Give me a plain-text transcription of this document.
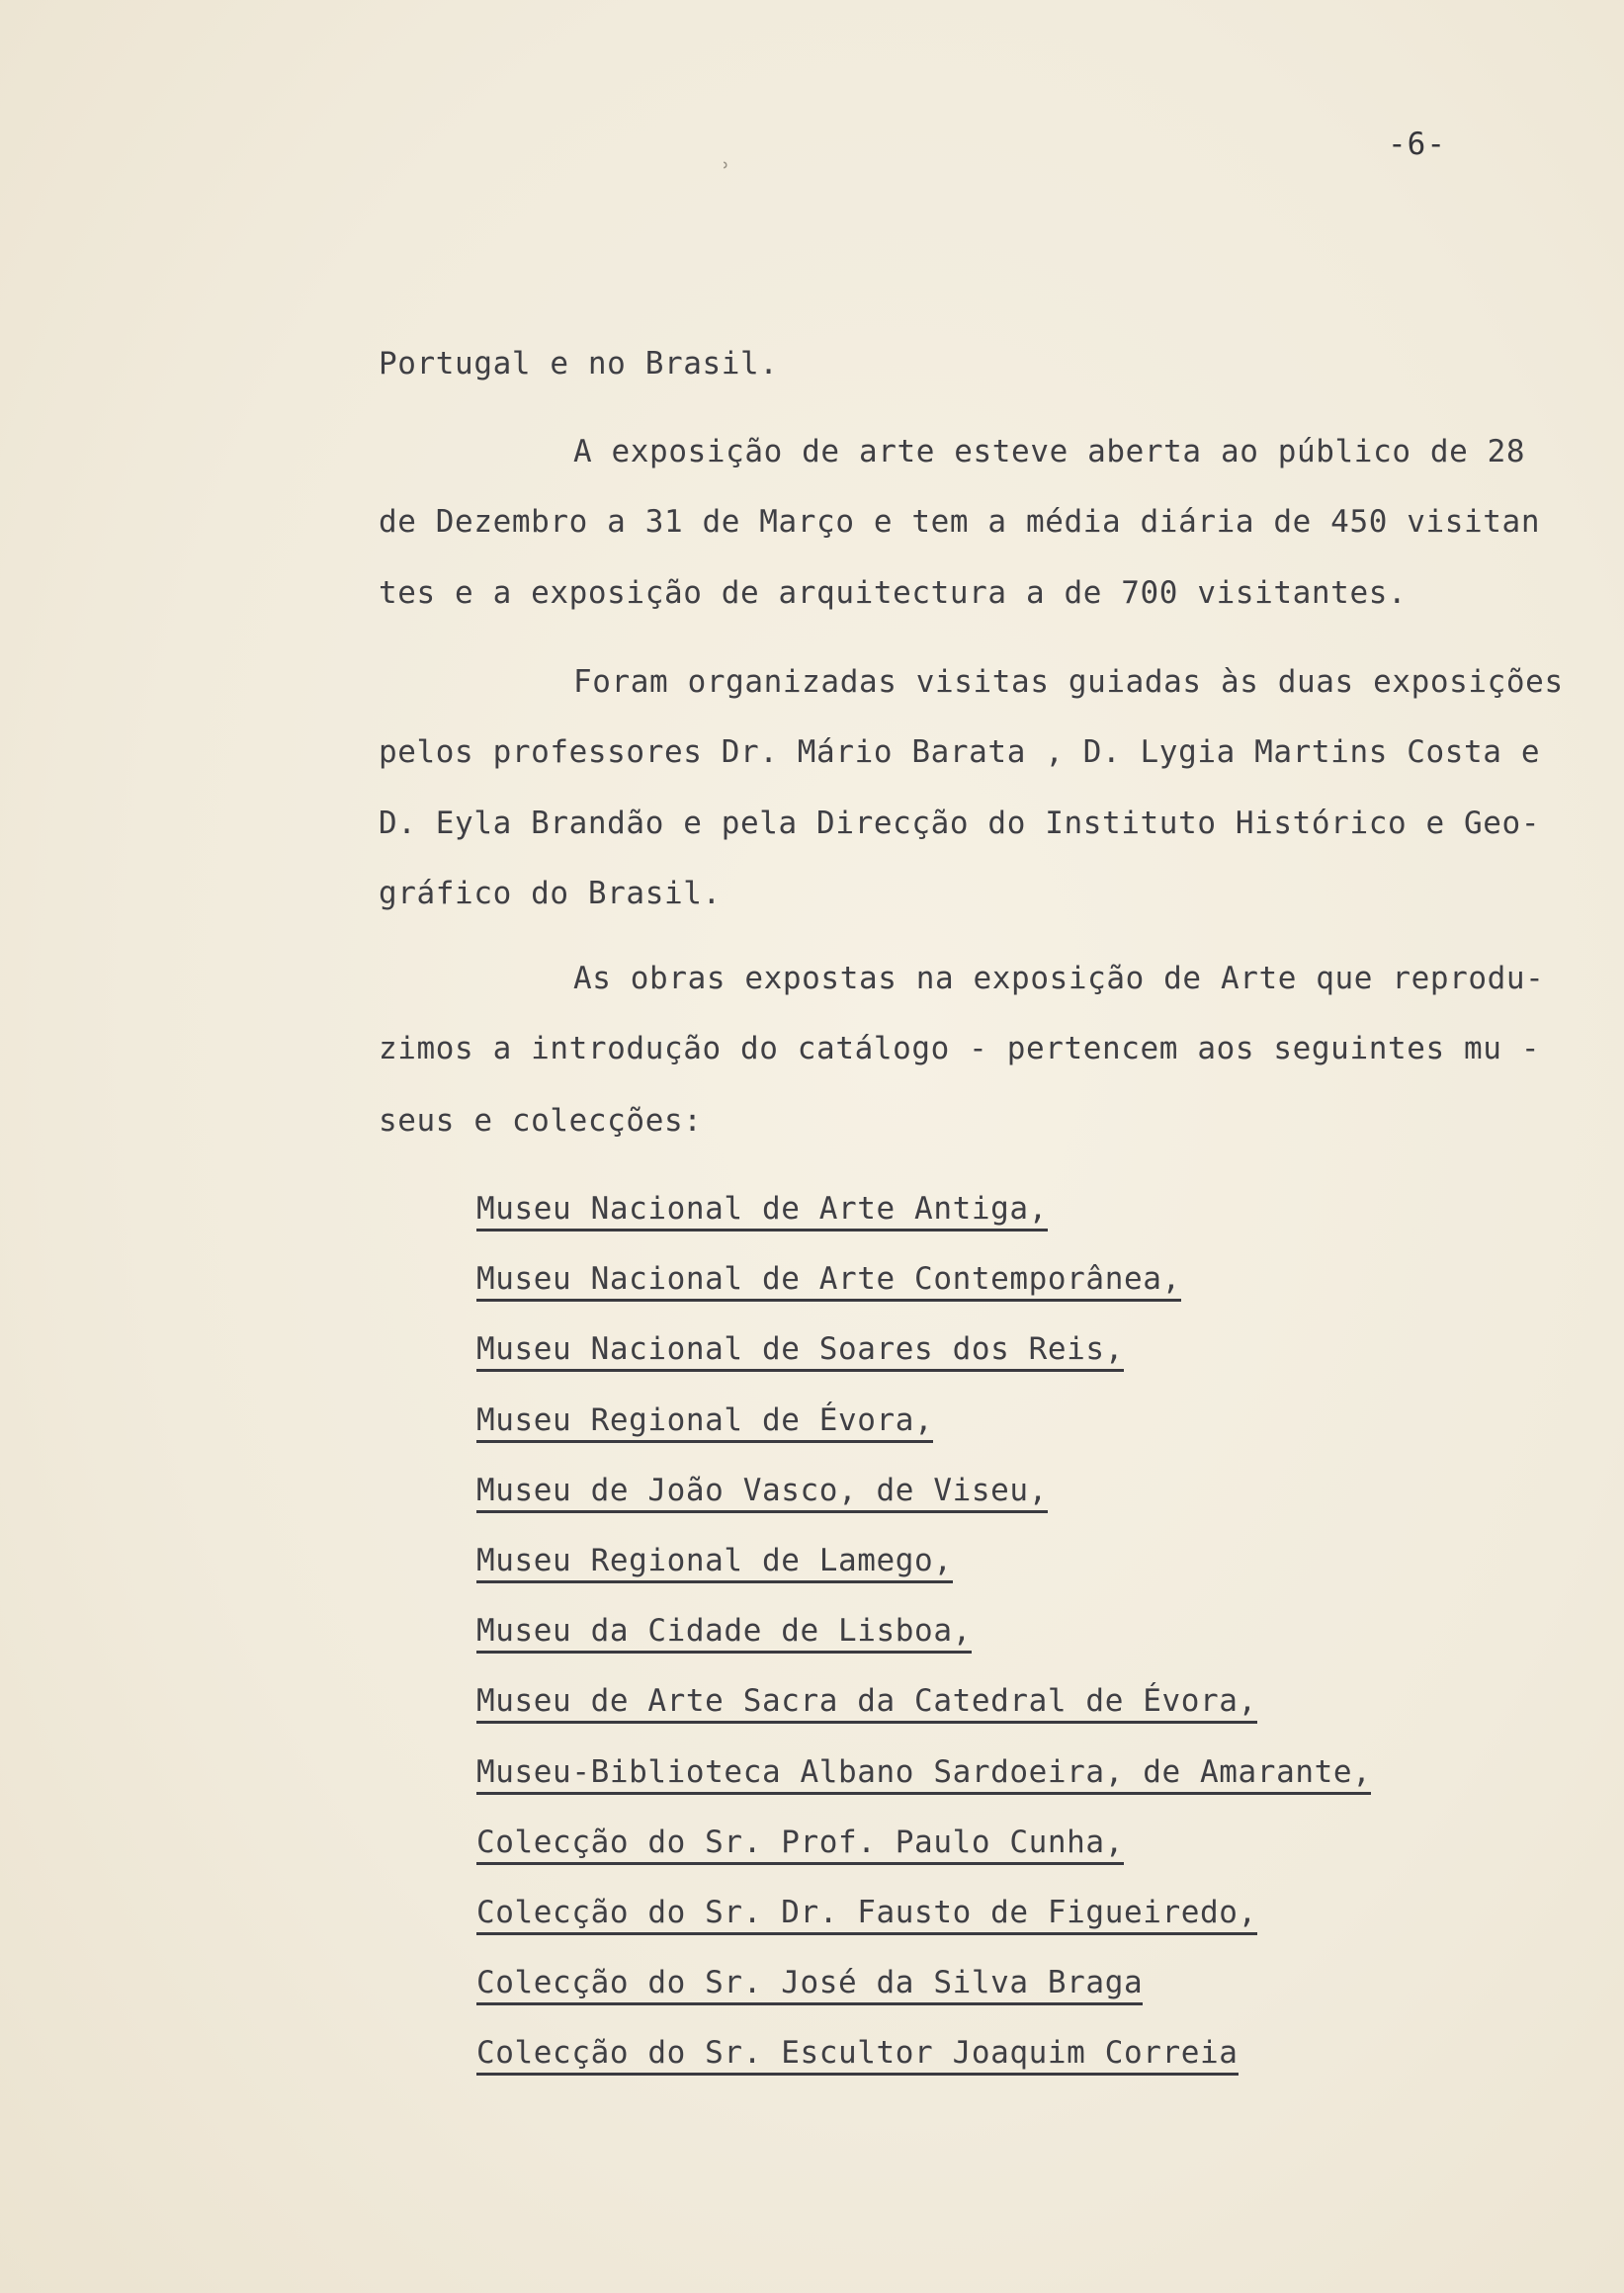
ʾ
-6-
Portugal e no Brasil.
A exposição de arte esteve aberta ao público de 28
de Dezembro a 31 de Março e tem a média diária de 450 visitan
tes e a exposição de arquitectura a de 700 visitantes.
Foram organizadas visitas guiadas às duas exposições
pelos professores Dr. Mário Barata , D. Lygia Martins Costa e
D. Eyla Brandão e pela Direcção do Instituto Histórico e Geo-
gráfico do Brasil.
As obras expostas na exposição de Arte que reprodu-
zimos a introdução do catálogo - pertencem aos seguintes mu -
seus e colecções:
Museu Nacional de Arte Antiga,
Museu Nacional de Arte Contemporânea,
Museu Nacional de Soares dos Reis,
Museu Regional de Évora,
Museu de João Vasco, de Viseu,
Museu Regional de Lamego,
Museu da Cidade de Lisboa,
Museu de Arte Sacra da Catedral de Évora,
Museu-Biblioteca Albano Sardoeira, de Amarante,
Colecção do Sr. Prof. Paulo Cunha,
Colecção do Sr. Dr. Fausto de Figueiredo,
Colecção do Sr. José da Silva Braga
Colecção do Sr. Escultor Joaquim Correia
